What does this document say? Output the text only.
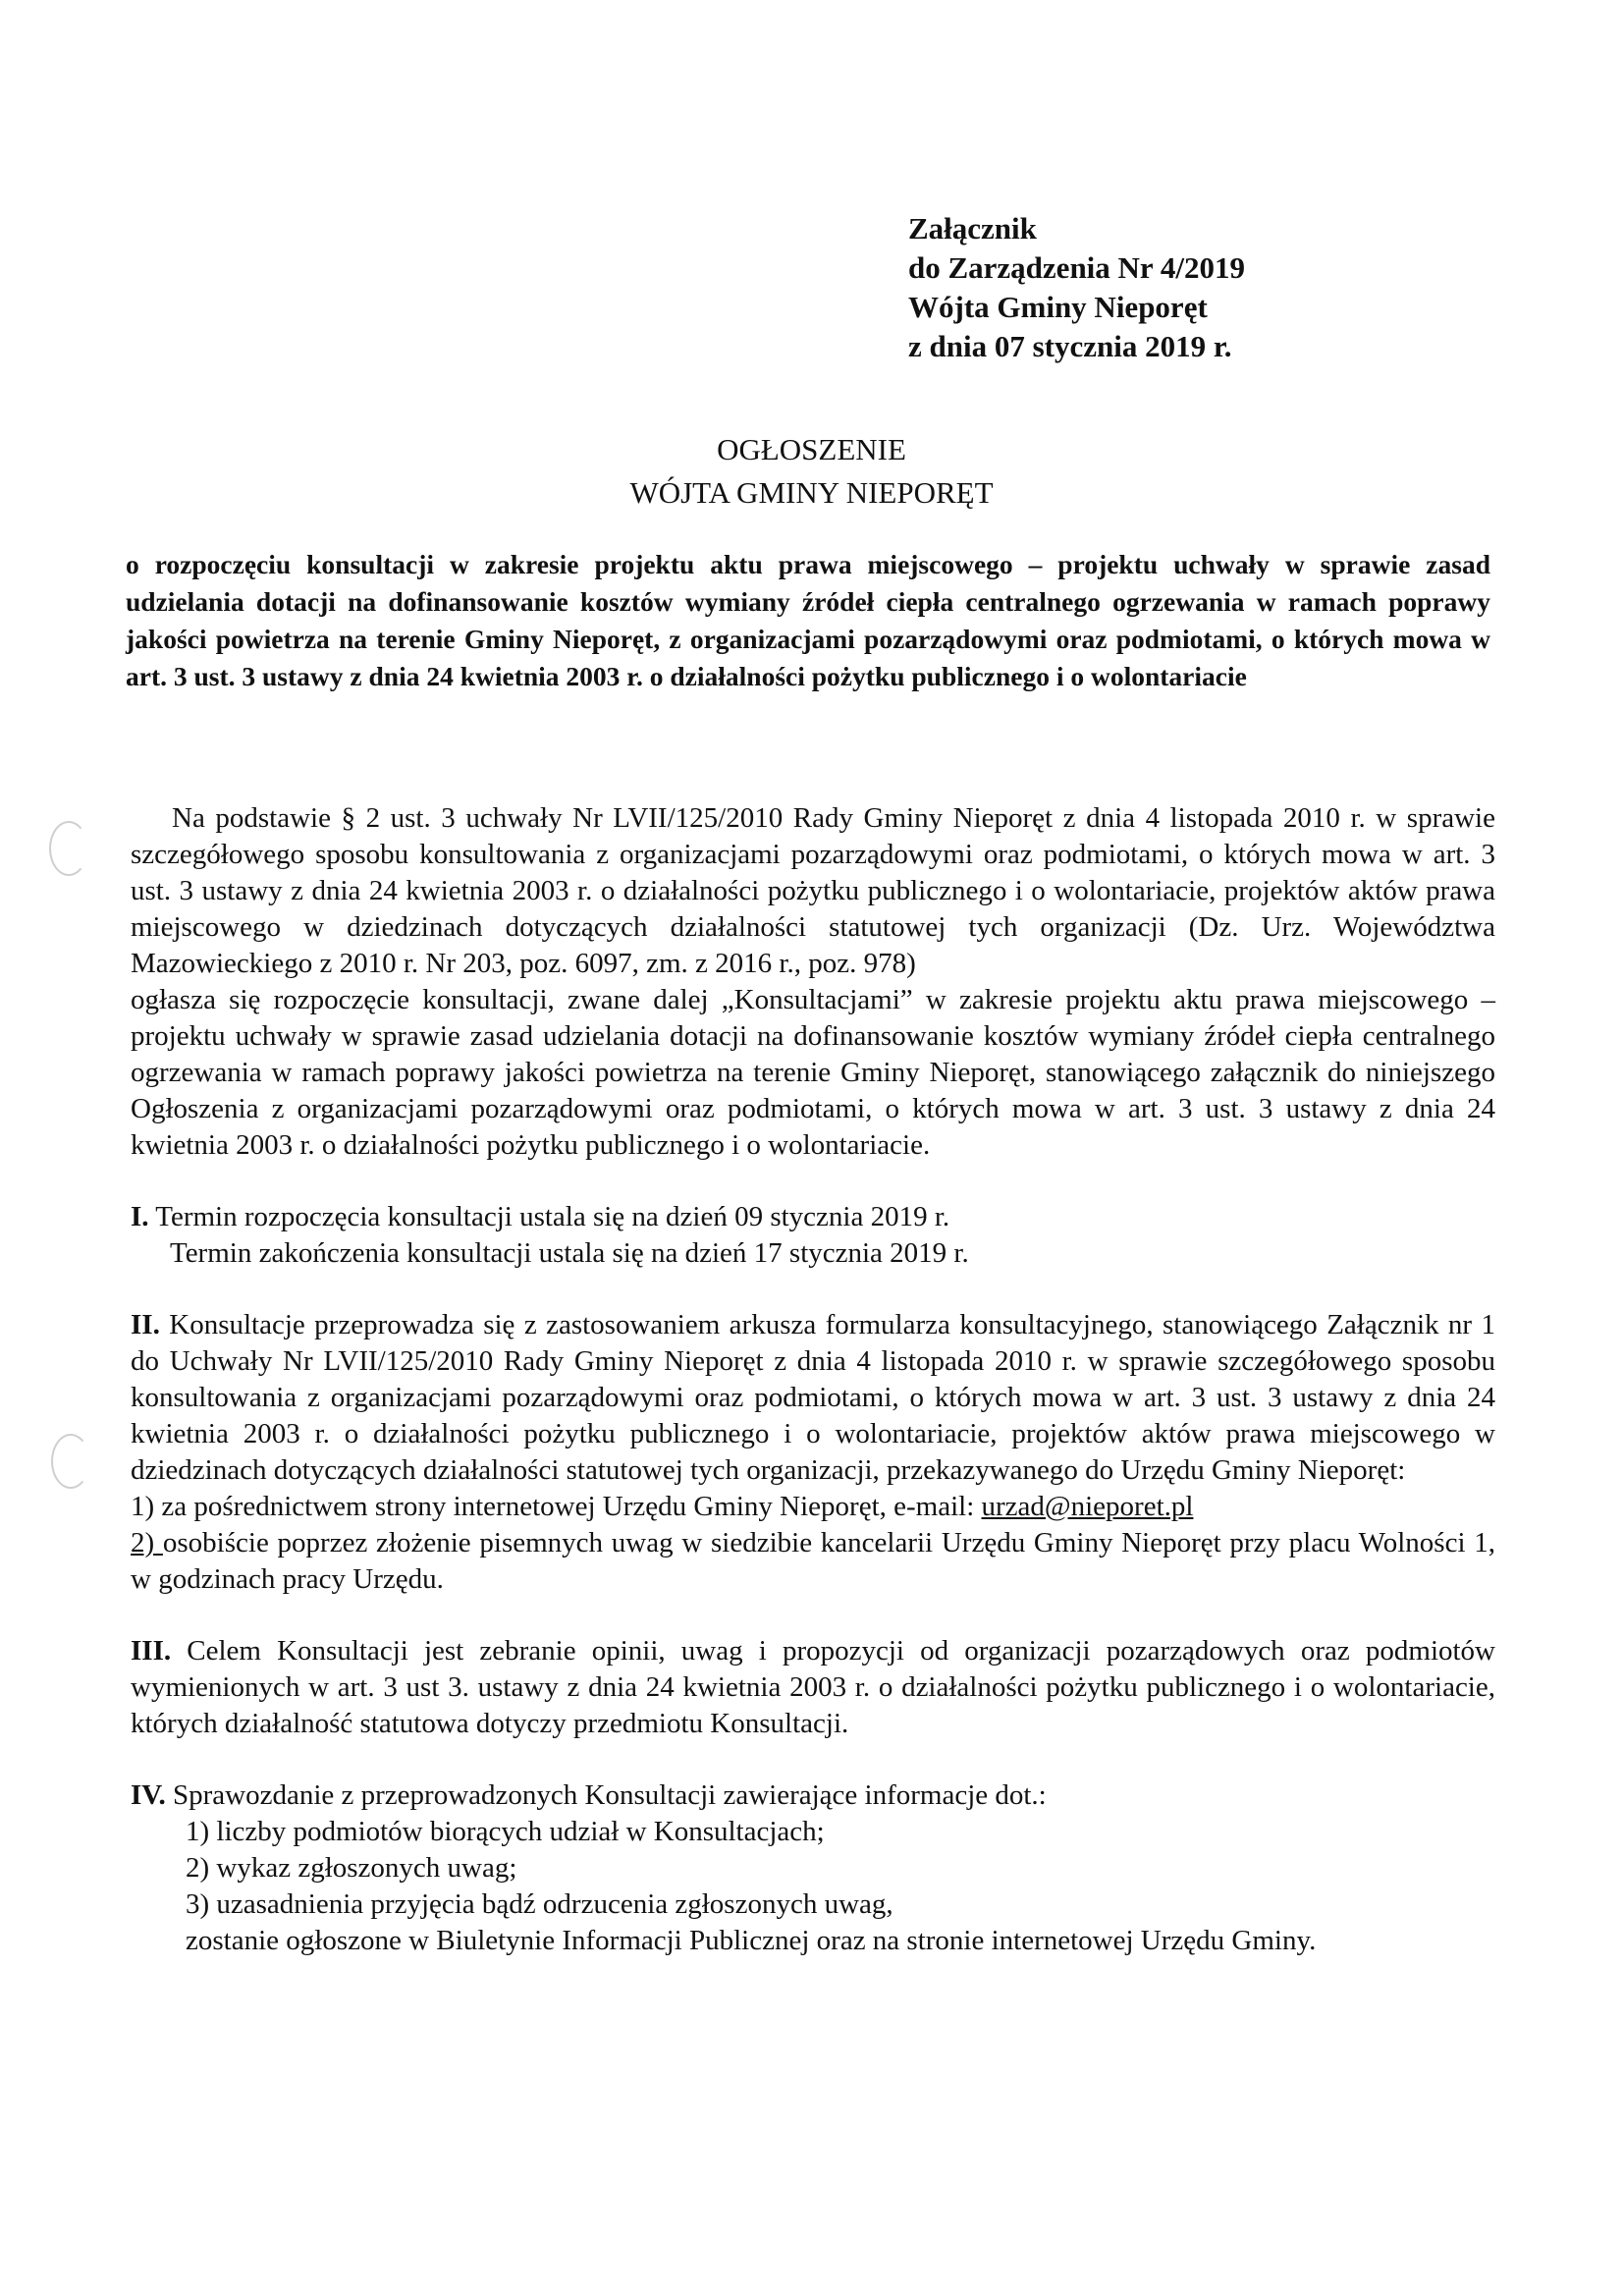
Załącznik
do Zarządzenia Nr 4/2019
Wójta Gminy Nieporęt
z dnia 07 stycznia 2019 r.
OGŁOSZENIE
WÓJTA GMINY NIEPORĘT
o rozpoczęciu konsultacji w zakresie projektu aktu prawa miejscowego – projektu uchwały w sprawie zasad udzielania dotacji na dofinansowanie kosztów wymiany źródeł ciepła centralnego ogrzewania w ramach poprawy jakości powietrza na terenie Gminy Nieporęt, z organizacjami pozarządowymi oraz podmiotami, o których mowa w art. 3 ust. 3 ustawy z dnia 24 kwietnia 2003 r. o działalności pożytku publicznego i o wolontariacie

Na podstawie § 2 ust. 3 uchwały Nr LVII/125/2010 Rady Gminy Nieporęt z dnia 4 listopada 2010 r. w sprawie szczegółowego sposobu konsultowania z organizacjami pozarządowymi oraz podmiotami, o których mowa w art. 3 ust. 3 ustawy z dnia 24 kwietnia 2003 r. o działalności pożytku publicznego i o wolontariacie, projektów aktów prawa miejscowego w dziedzinach dotyczących działalności statutowej tych organizacji (Dz. Urz. Województwa Mazowieckiego z 2010 r. Nr 203, poz. 6097, zm. z 2016 r., poz. 978)

ogłasza się rozpoczęcie konsultacji, zwane dalej „Konsultacjami” w zakresie projektu aktu prawa miejscowego – projektu uchwały w sprawie zasad udzielania dotacji na dofinansowanie kosztów wymiany źródeł ciepła centralnego ogrzewania w ramach poprawy jakości powietrza na terenie Gminy Nieporęt, stanowiącego załącznik do niniejszego Ogłoszenia z organizacjami pozarządowymi oraz podmiotami, o których mowa w art. 3 ust. 3 ustawy z dnia 24 kwietnia 2003 r. o działalności pożytku publicznego i o wolontariacie.

I. Termin rozpoczęcia konsultacji ustala się na dzień 09 stycznia 2019 r.

Termin zakończenia konsultacji ustala się na dzień 17 stycznia 2019 r.

II. Konsultacje przeprowadza się z zastosowaniem arkusza formularza konsultacyjnego, stanowiącego Załącznik nr 1 do Uchwały Nr LVII/125/2010 Rady Gminy Nieporęt z dnia 4 listopada 2010 r. w sprawie szczegółowego sposobu konsultowania z organizacjami pozarządowymi oraz podmiotami, o których mowa w art. 3 ust. 3 ustawy z dnia 24 kwietnia 2003 r. o działalności pożytku publicznego i o wolontariacie, projektów aktów prawa miejscowego w dziedzinach dotyczących działalności statutowej tych organizacji, przekazywanego do Urzędu Gminy Nieporęt:

1) za pośrednictwem strony internetowej Urzędu Gminy Nieporęt, e-mail: urzad@nieporet.pl

2) osobiście poprzez złożenie pisemnych uwag w siedzibie kancelarii Urzędu Gminy Nieporęt przy placu Wolności 1, w godzinach pracy Urzędu.

III. Celem Konsultacji jest zebranie opinii, uwag i propozycji od organizacji pozarządowych oraz podmiotów wymienionych w art. 3 ust 3. ustawy z dnia 24 kwietnia 2003 r. o działalności pożytku publicznego i o wolontariacie, których działalność statutowa dotyczy przedmiotu Konsultacji.

IV. Sprawozdanie z przeprowadzonych Konsultacji zawierające informacje dot.:

1) liczby podmiotów biorących udział w Konsultacjach;

2) wykaz zgłoszonych uwag;

3) uzasadnienia przyjęcia bądź odrzucenia zgłoszonych uwag,

zostanie ogłoszone w Biuletynie Informacji Publicznej oraz na stronie internetowej Urzędu Gminy.
